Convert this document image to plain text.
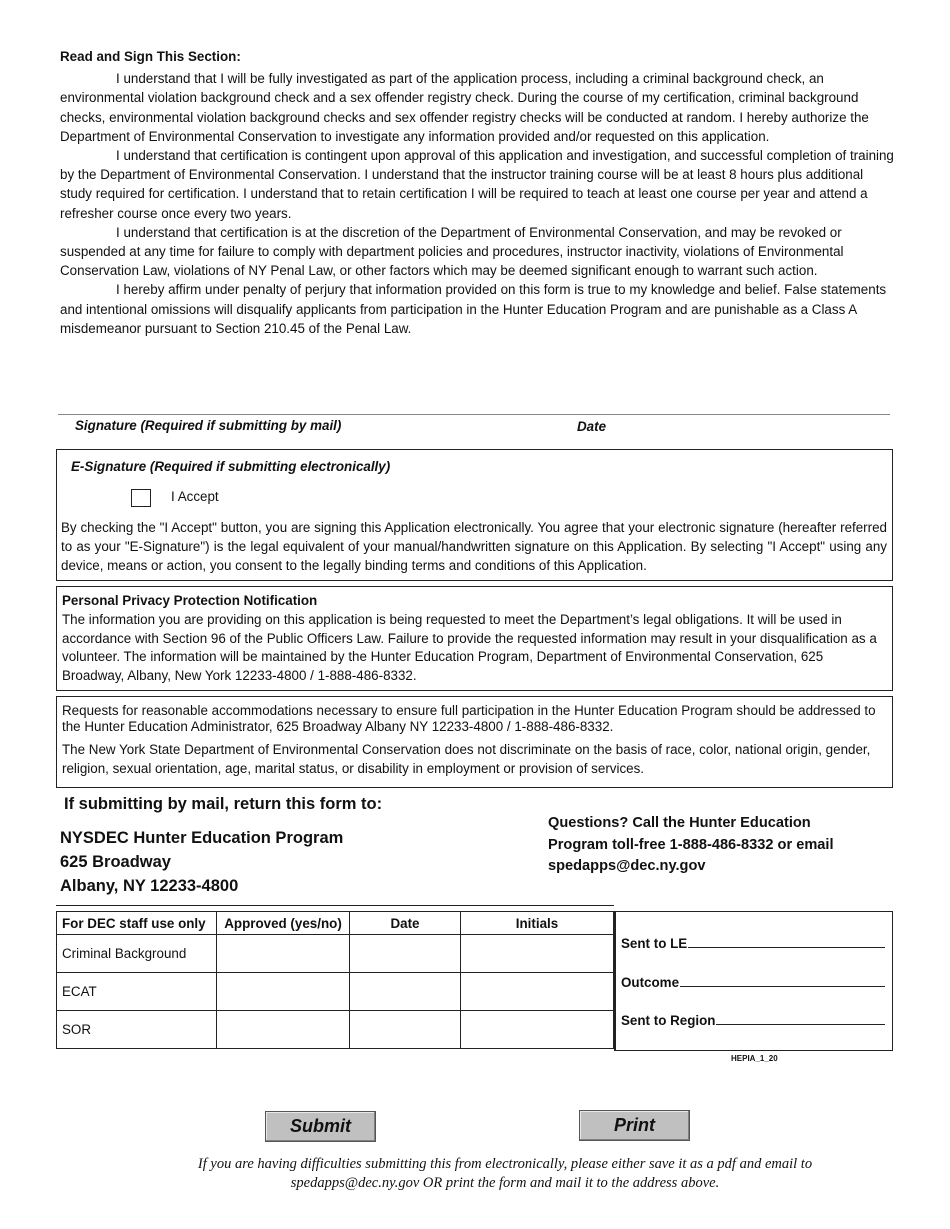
Read and Sign This Section:

I understand that I will be fully investigated as part of the application process, including a criminal background check, an environmental violation background check and a sex offender registry check. During the course of my certification, criminal background checks, environmental violation background checks and sex offender registry checks will be conducted at random. I hereby authorize the Department of Environmental Conservation to investigate any information provided and/or requested on this application.

I understand that certification is contingent upon approval of this application and investigation, and successful completion of training by the Department of Environmental Conservation. I understand that the instructor training course will be at least 8 hours plus additional study required for certification. I understand that to retain certification I will be required to teach at least one course per year and attend a refresher course once every two years.

I understand that certification is at the discretion of the Department of Environmental Conservation, and may be revoked or suspended at any time for failure to comply with department policies and procedures, instructor inactivity, violations of Environmental Conservation Law, violations of NY Penal Law, or other factors which may be deemed significant enough to warrant such action.

I hereby affirm under penalty of perjury that information provided on this form is true to my knowledge and belief. False statements and intentional omissions will disqualify applicants from participation in the Hunter Education Program and are punishable as a Class A misdemeanor pursuant to Section 210.45 of the Penal Law.

Signature (Required if submitting by mail)	Date
E-Signature (Required if submitting electronically)
I Accept
By checking the "I Accept" button, you are signing this Application electronically. You agree that your electronic signature (hereafter referred to as your "E-Signature") is the legal equivalent of your manual/handwritten signature on this Application. By selecting "I Accept" using any device, means or action, you consent to the legally binding terms and conditions of this Application.
Personal Privacy Protection Notification
The information you are providing on this application is being requested to meet the Department’s legal obligations. It will be used in accordance with Section 96 of the Public Officers Law. Failure to provide the requested information may result in your disqualification as a volunteer. The information will be maintained by the Hunter Education Program, Department of Environmental Conservation, 625 Broadway, Albany, New York 12233-4800 / 1-888-486-8332.
Requests for reasonable accommodations necessary to ensure full participation in the Hunter Education Program should be addressed to the Hunter Education Administrator, 625 Broadway Albany NY 12233-4800 / 1-888-486-8332.
The New York State Department of Environmental Conservation does not discriminate on the basis of race, color, national origin, gender, religion, sexual orientation, age, marital status, or disability in employment or provision of services.
If submitting by mail, return this form to:
NYSDEC Hunter Education Program
625 Broadway
Albany, NY 12233-4800
Questions? Call the Hunter Education Program toll-free 1-888-486-8332 or email spedapps@dec.ny.gov
For DEC staff use only	Approved (yes/no)	Date	Initials
Criminal Background			
ECAT			
SOR			
Sent to LE
Outcome
Sent to Region
HEPIA_1_20
Submit	Print
If you are having difficulties submitting this from electronically, please either save it as a pdf and email to spedapps@dec.ny.gov OR print the form and mail it to the address above.
